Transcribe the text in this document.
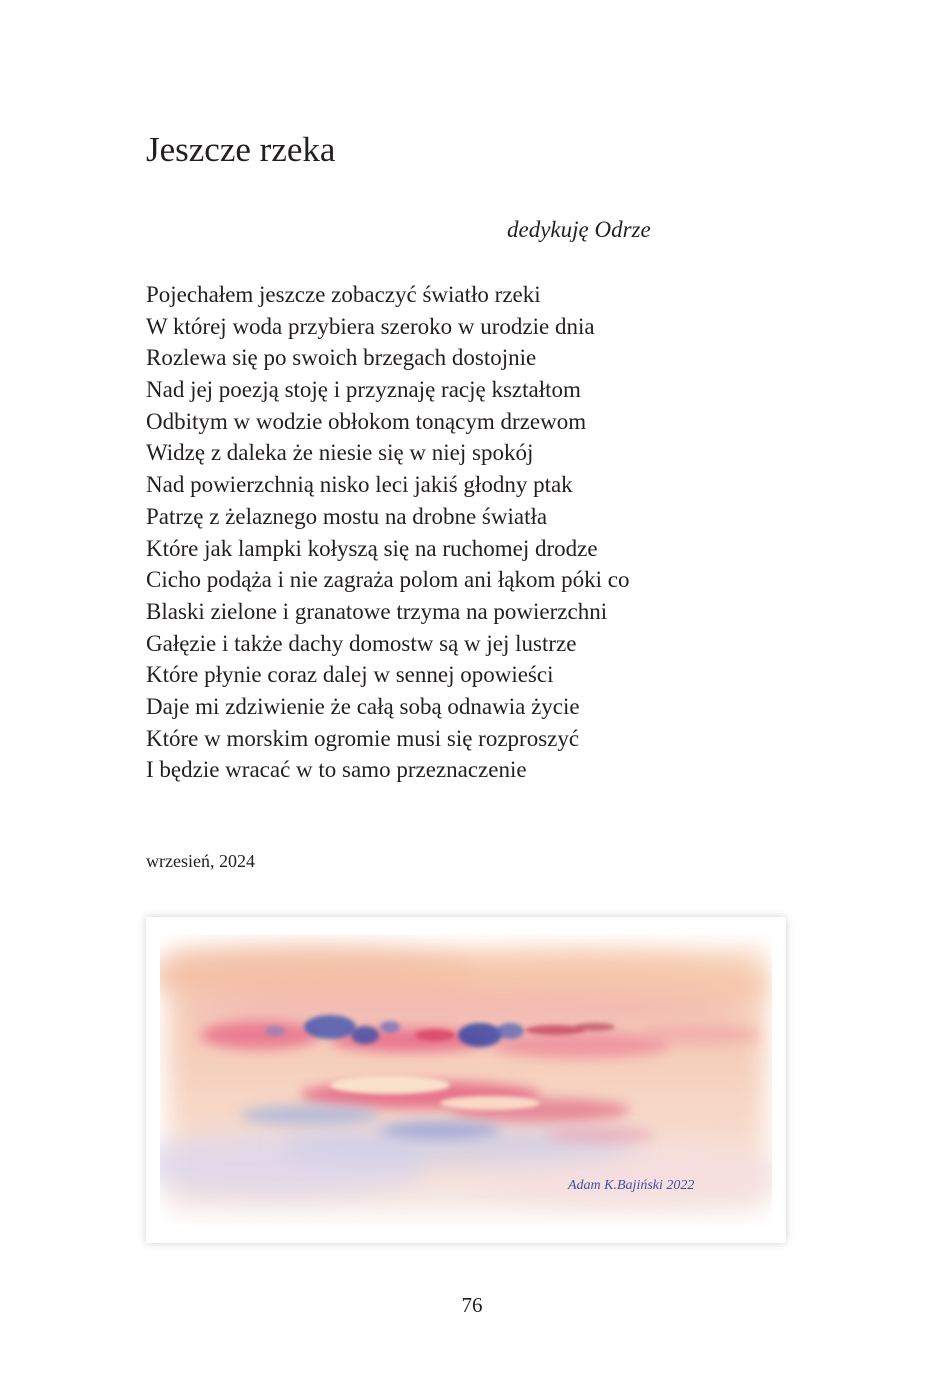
Jeszcze rzeka
dedykuję Odrze
Pojechałem jeszcze zobaczyć światło rzeki
W której woda przybiera szeroko w urodzie dnia
Rozlewa się po swoich brzegach dostojnie
Nad jej poezją stoję i przyznaję rację kształtom
Odbitym w wodzie obłokom tonącym drzewom
Widzę z daleka że niesie się w niej spokój
Nad powierzchnią nisko leci jakiś głodny ptak
Patrzę z żelaznego mostu na drobne światła
Które jak lampki kołyszą się na ruchomej drodze
Cicho podąża i nie zagraża polom ani łąkom póki co
Blaski zielone i granatowe trzyma na powierzchni
Gałęzie i także dachy domostw są w jej lustrze
Które płynie coraz dalej w sennej opowieści
Daje mi zdziwienie że całą sobą odnawia życie
Które w morskim ogromie musi się rozproszyć
I będzie wracać w to samo przeznaczenie
wrzesień, 2024
Adam K.Bajiński 2022
76
